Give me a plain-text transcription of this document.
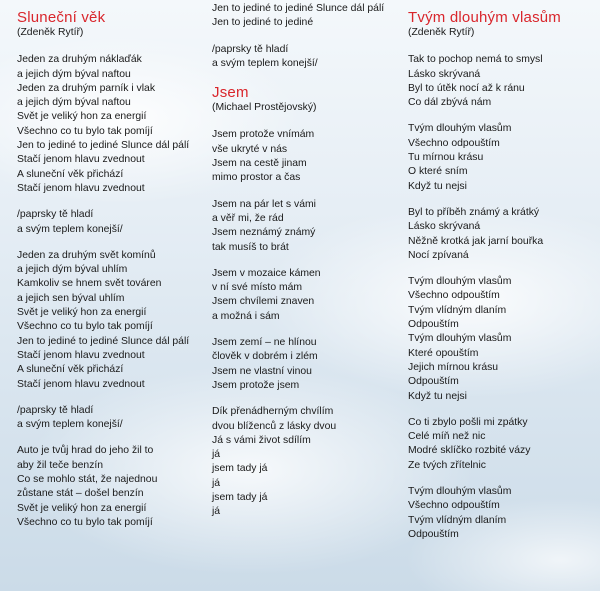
Sluneční věk
(Zdeněk Rytíř)
Jeden za druhým náklaďák
a jejich dým býval naftou
Jeden za druhým parník i vlak
a jejich dým býval naftou
Svět je veliký hon za energií
Všechno co tu bylo tak pomíjí
Jen to jediné to jediné Slunce dál pálí
Stačí jenom hlavu zvednout
A sluneční věk přichází
Stačí jenom hlavu zvednout
/paprsky tě hladí
a svým teplem konejší/
Jeden za druhým svět komínů
a jejich dým býval uhlím
Kamkoliv se hnem svět továren
a jejich sen býval uhlím
Svět je veliký hon za energií
Všechno co tu bylo tak pomíjí
Jen to jediné to jediné Slunce dál pálí
Stačí jenom hlavu zvednout
A sluneční věk přichází
Stačí jenom hlavu zvednout
/paprsky tě hladí
a svým teplem konejší/
Auto je tvůj hrad do jeho žil to
aby žil teče benzín
Co se mohlo stát, že najednou
zůstane stát – došel benzín
Svět je veliký hon za energií
Všechno co tu bylo tak pomíjí
Jen to jediné to jediné Slunce dál pálí
Jen to jediné to jediné
/paprsky tě hladí
a svým teplem konejší/
Jsem
(Michael Prostějovský)
Jsem protože vnímám
vše ukryté v nás
Jsem na cestě jinam
mimo prostor a čas
Jsem na pár let s vámi
a věř mi, že rád
Jsem neznámý známý
tak musíš to brát
Jsem v mozaice kámen
v ní své místo mám
Jsem chvílemi znaven
a možná i sám
Jsem zemí – ne hlínou
člověk v dobrém i zlém
Jsem ne vlastní vinou
Jsem protože jsem
Dík přenádherným chvílím
dvou blíženců z lásky dvou
Já s vámi život sdílím
já
jsem tady já
já
jsem tady já
já
Tvým dlouhým vlasům
(Zdeněk Rytíř)
Tak to pochop nemá to smysl
Lásko skrývaná
Byl to útěk nocí až k ránu
Co dál zbývá nám
Tvým dlouhým vlasům
Všechno odpouštím
Tu mírnou krásu
O které sním
Když tu nejsi
Byl to příběh známý a krátký
Lásko skrývaná
Něžně krotká jak jarní bouřka
Nocí zpívaná
Tvým dlouhým vlasům
Všechno odpouštím
Tvým vlídným dlaním
Odpouštím
Tvým dlouhým vlasům
Které opouštím
Jejich mírnou krásu
Odpouštím
Když tu nejsi
Co ti zbylo pošli mi zpátky
Celé míň než nic
Modré sklíčko rozbité vázy
Ze tvých zřítelnic
Tvým dlouhým vlasům
Všechno odpouštím
Tvým vlídným dlaním
Odpouštím
